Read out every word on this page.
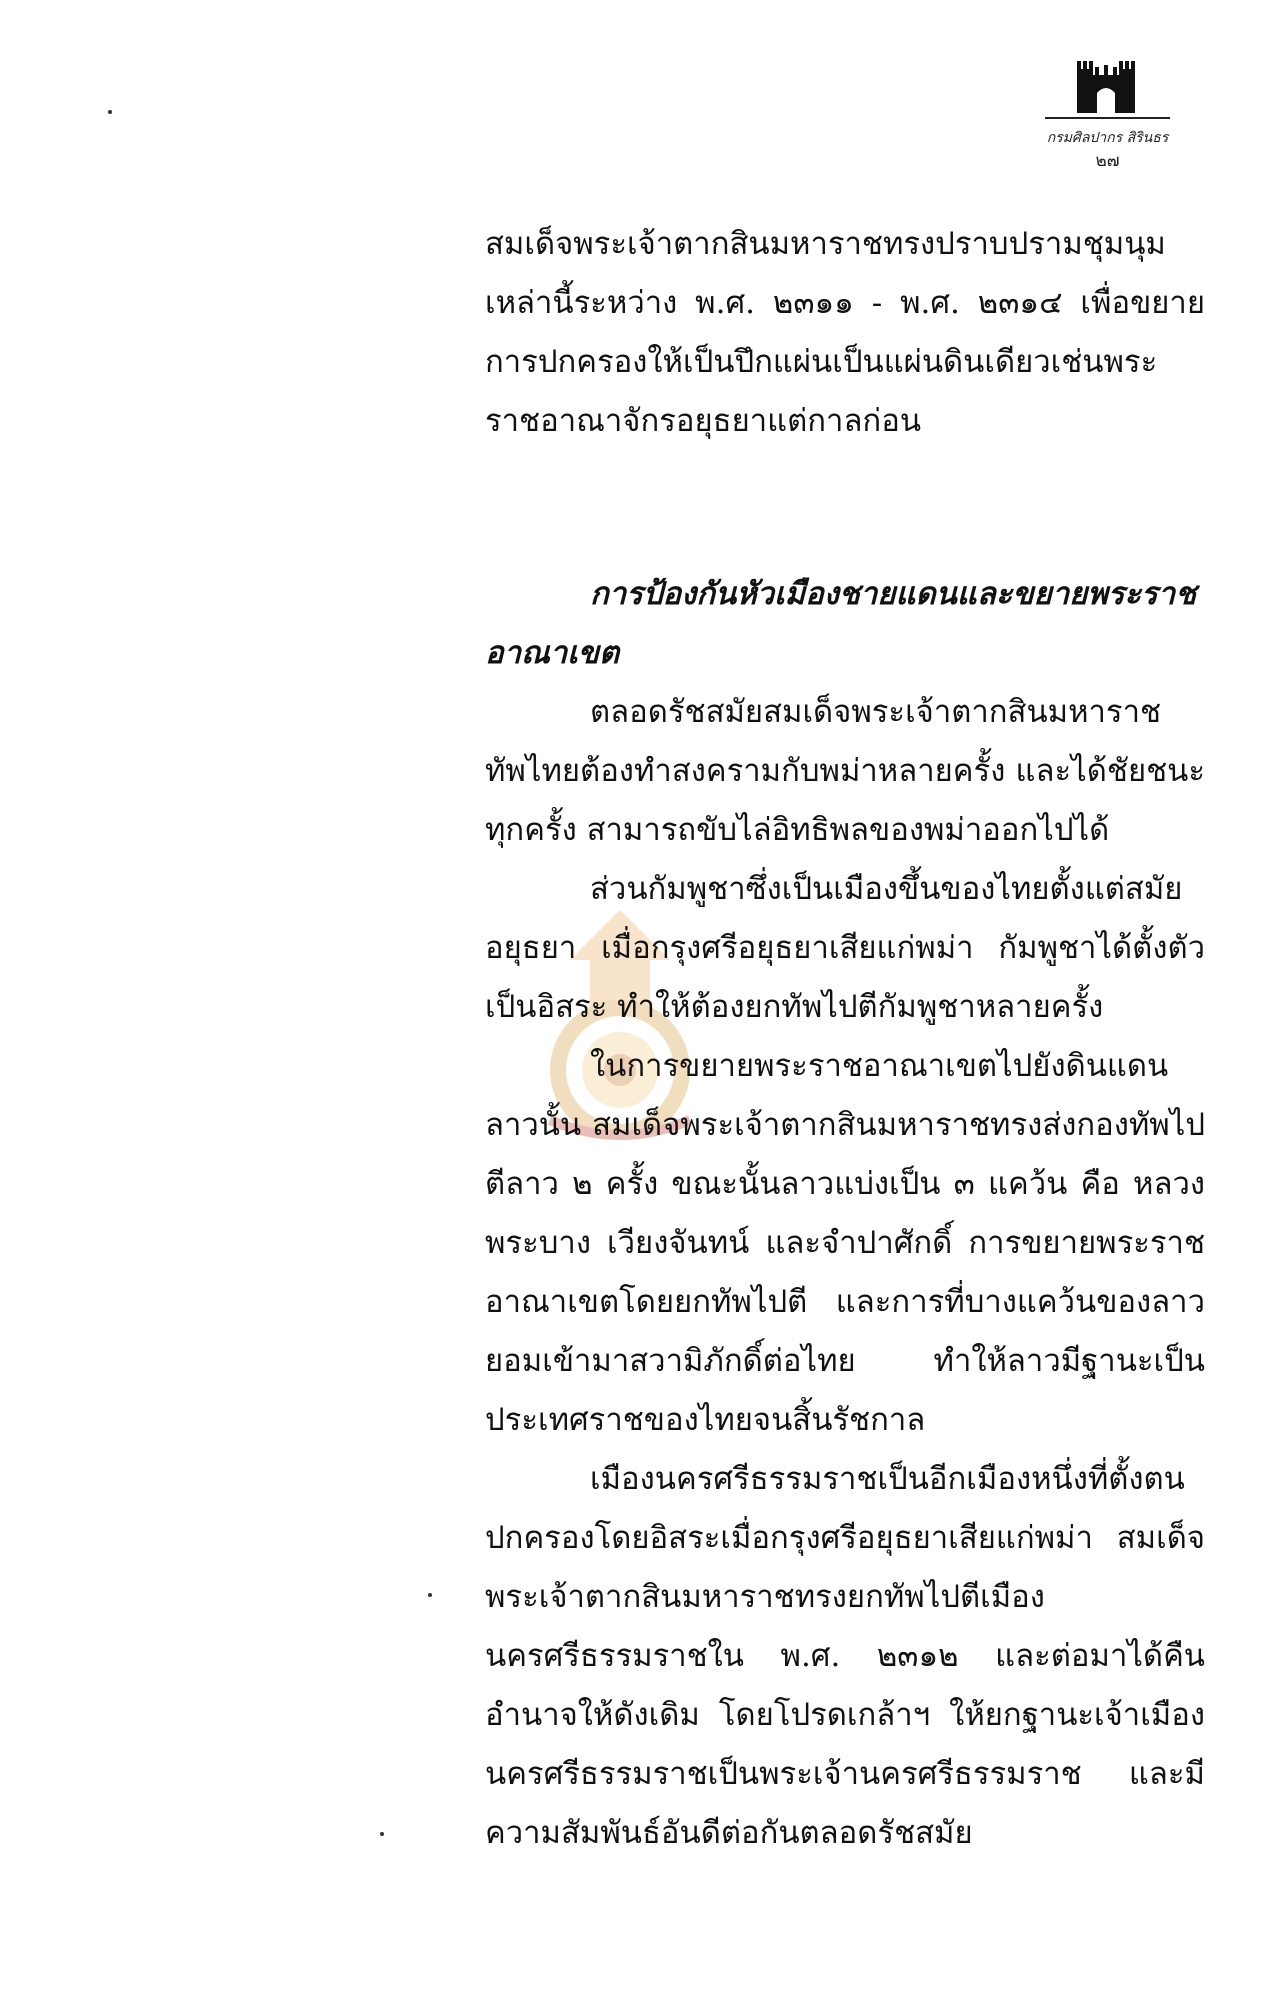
กรมศิลปากร สิรินธร
๒๗

สมเด็จพระเจ้าตากสินมหาราชทรงปราบปรามชุมนุมเหล่านี้ระหว่าง พ.ศ. ๒๓๑๑ - พ.ศ. ๒๓๑๔ เพื่อขยายการปกครองให้เป็นปึกแผ่นเป็นแผ่นดินเดียวเช่นพระราชอาณาจักรอยุธยาแต่กาลก่อน

การป้องกันหัวเมืองชายแดนและขยายพระราชอาณาเขต

ตลอดรัชสมัยสมเด็จพระเจ้าตากสินมหาราช ทัพไทยต้องทำสงครามกับพม่าหลายครั้ง และได้ชัยชนะทุกครั้ง สามารถขับไล่อิทธิพลของพม่าออกไปได้

ส่วนกัมพูชาซึ่งเป็นเมืองขึ้นของไทยตั้งแต่สมัยอยุธยา เมื่อกรุงศรีอยุธยาเสียแก่พม่า กัมพูชาได้ตั้งตัวเป็นอิสระ ทำให้ต้องยกทัพไปตีกัมพูชาหลายครั้ง

ในการขยายพระราชอาณาเขตไปยังดินแดนลาวนั้น สมเด็จพระเจ้าตากสินมหาราชทรงส่งกองทัพไปตีลาว ๒ ครั้ง ขณะนั้นลาวแบ่งเป็น ๓ แคว้น คือ หลวงพระบาง เวียงจันทน์ และจำปาศักดิ์ การขยายพระราชอาณาเขตโดยยกทัพไปตี และการที่บางแคว้นของลาวยอมเข้ามาสวามิภักดิ์ต่อไทย ทำให้ลาวมีฐานะเป็นประเทศราชของไทยจนสิ้นรัชกาล

เมืองนครศรีธรรมราชเป็นอีกเมืองหนึ่งที่ตั้งตนปกครองโดยอิสระเมื่อกรุงศรีอยุธยาเสียแก่พม่า สมเด็จพระเจ้าตากสินมหาราชทรงยกทัพไปตีเมืองนครศรีธรรมราชใน พ.ศ. ๒๓๑๒ และต่อมาได้คืนอำนาจให้ดังเดิม โดยโปรดเกล้าฯ ให้ยกฐานะเจ้าเมืองนครศรีธรรมราชเป็นพระเจ้านครศรีธรรมราช และมีความสัมพันธ์อันดีต่อกันตลอดรัชสมัย
